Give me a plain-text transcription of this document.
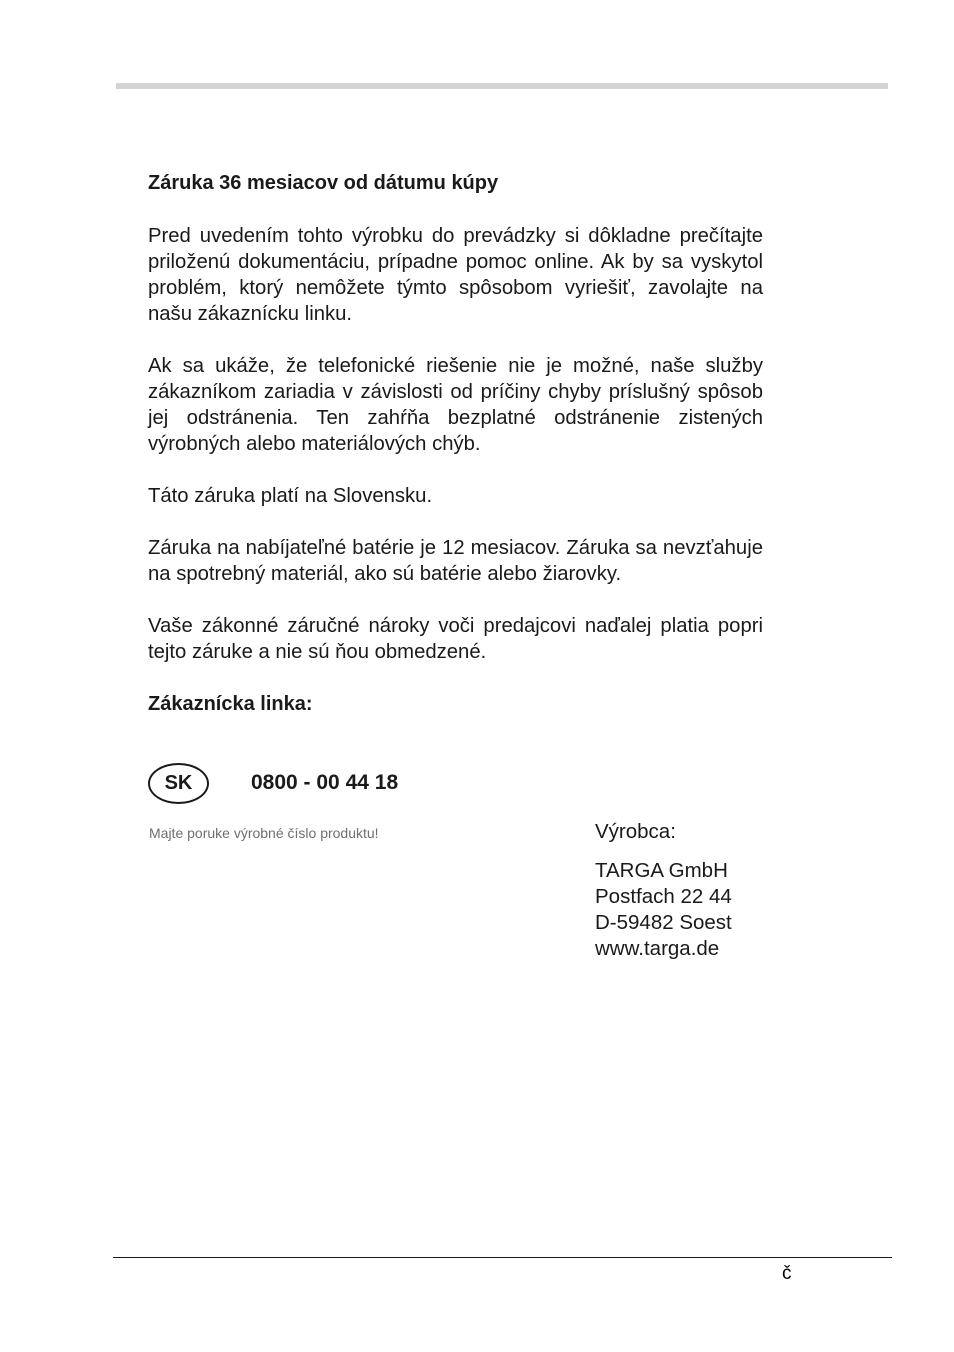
Záruka 36 mesiacov od dátumu kúpy

Pred uvedením tohto výrobku do prevádzky si dôkladne prečítajte priloženú dokumentáciu, prípadne pomoc online. Ak by sa vyskytol problém, ktorý nemôžete týmto spôsobom vyriešiť, zavolajte na našu zákaznícku linku.

Ak sa ukáže, že telefonické riešenie nie je možné, naše služby zákazníkom zariadia v závislosti od príčiny chyby príslušný spôsob jej odstránenia. Ten zahŕňa bezplatné odstránenie zistených výrobných alebo materiálových chýb.

Táto záruka platí na Slovensku.

Záruka na nabíjateľné batérie je 12 mesiacov. Záruka sa nevzťahuje na spotrebný materiál, ako sú batérie alebo žiarovky.

Vaše zákonné záručné nároky voči predajcovi naďalej platia popri tejto záruke a nie sú ňou obmedzené.

Zákaznícka linka:

SK	0800 - 00 44 18
Majte poruke výrobné číslo produktu!	Výrobca:

TARGA GmbH

Postfach 22 44

D-59482 Soest

www.targa.de

č
